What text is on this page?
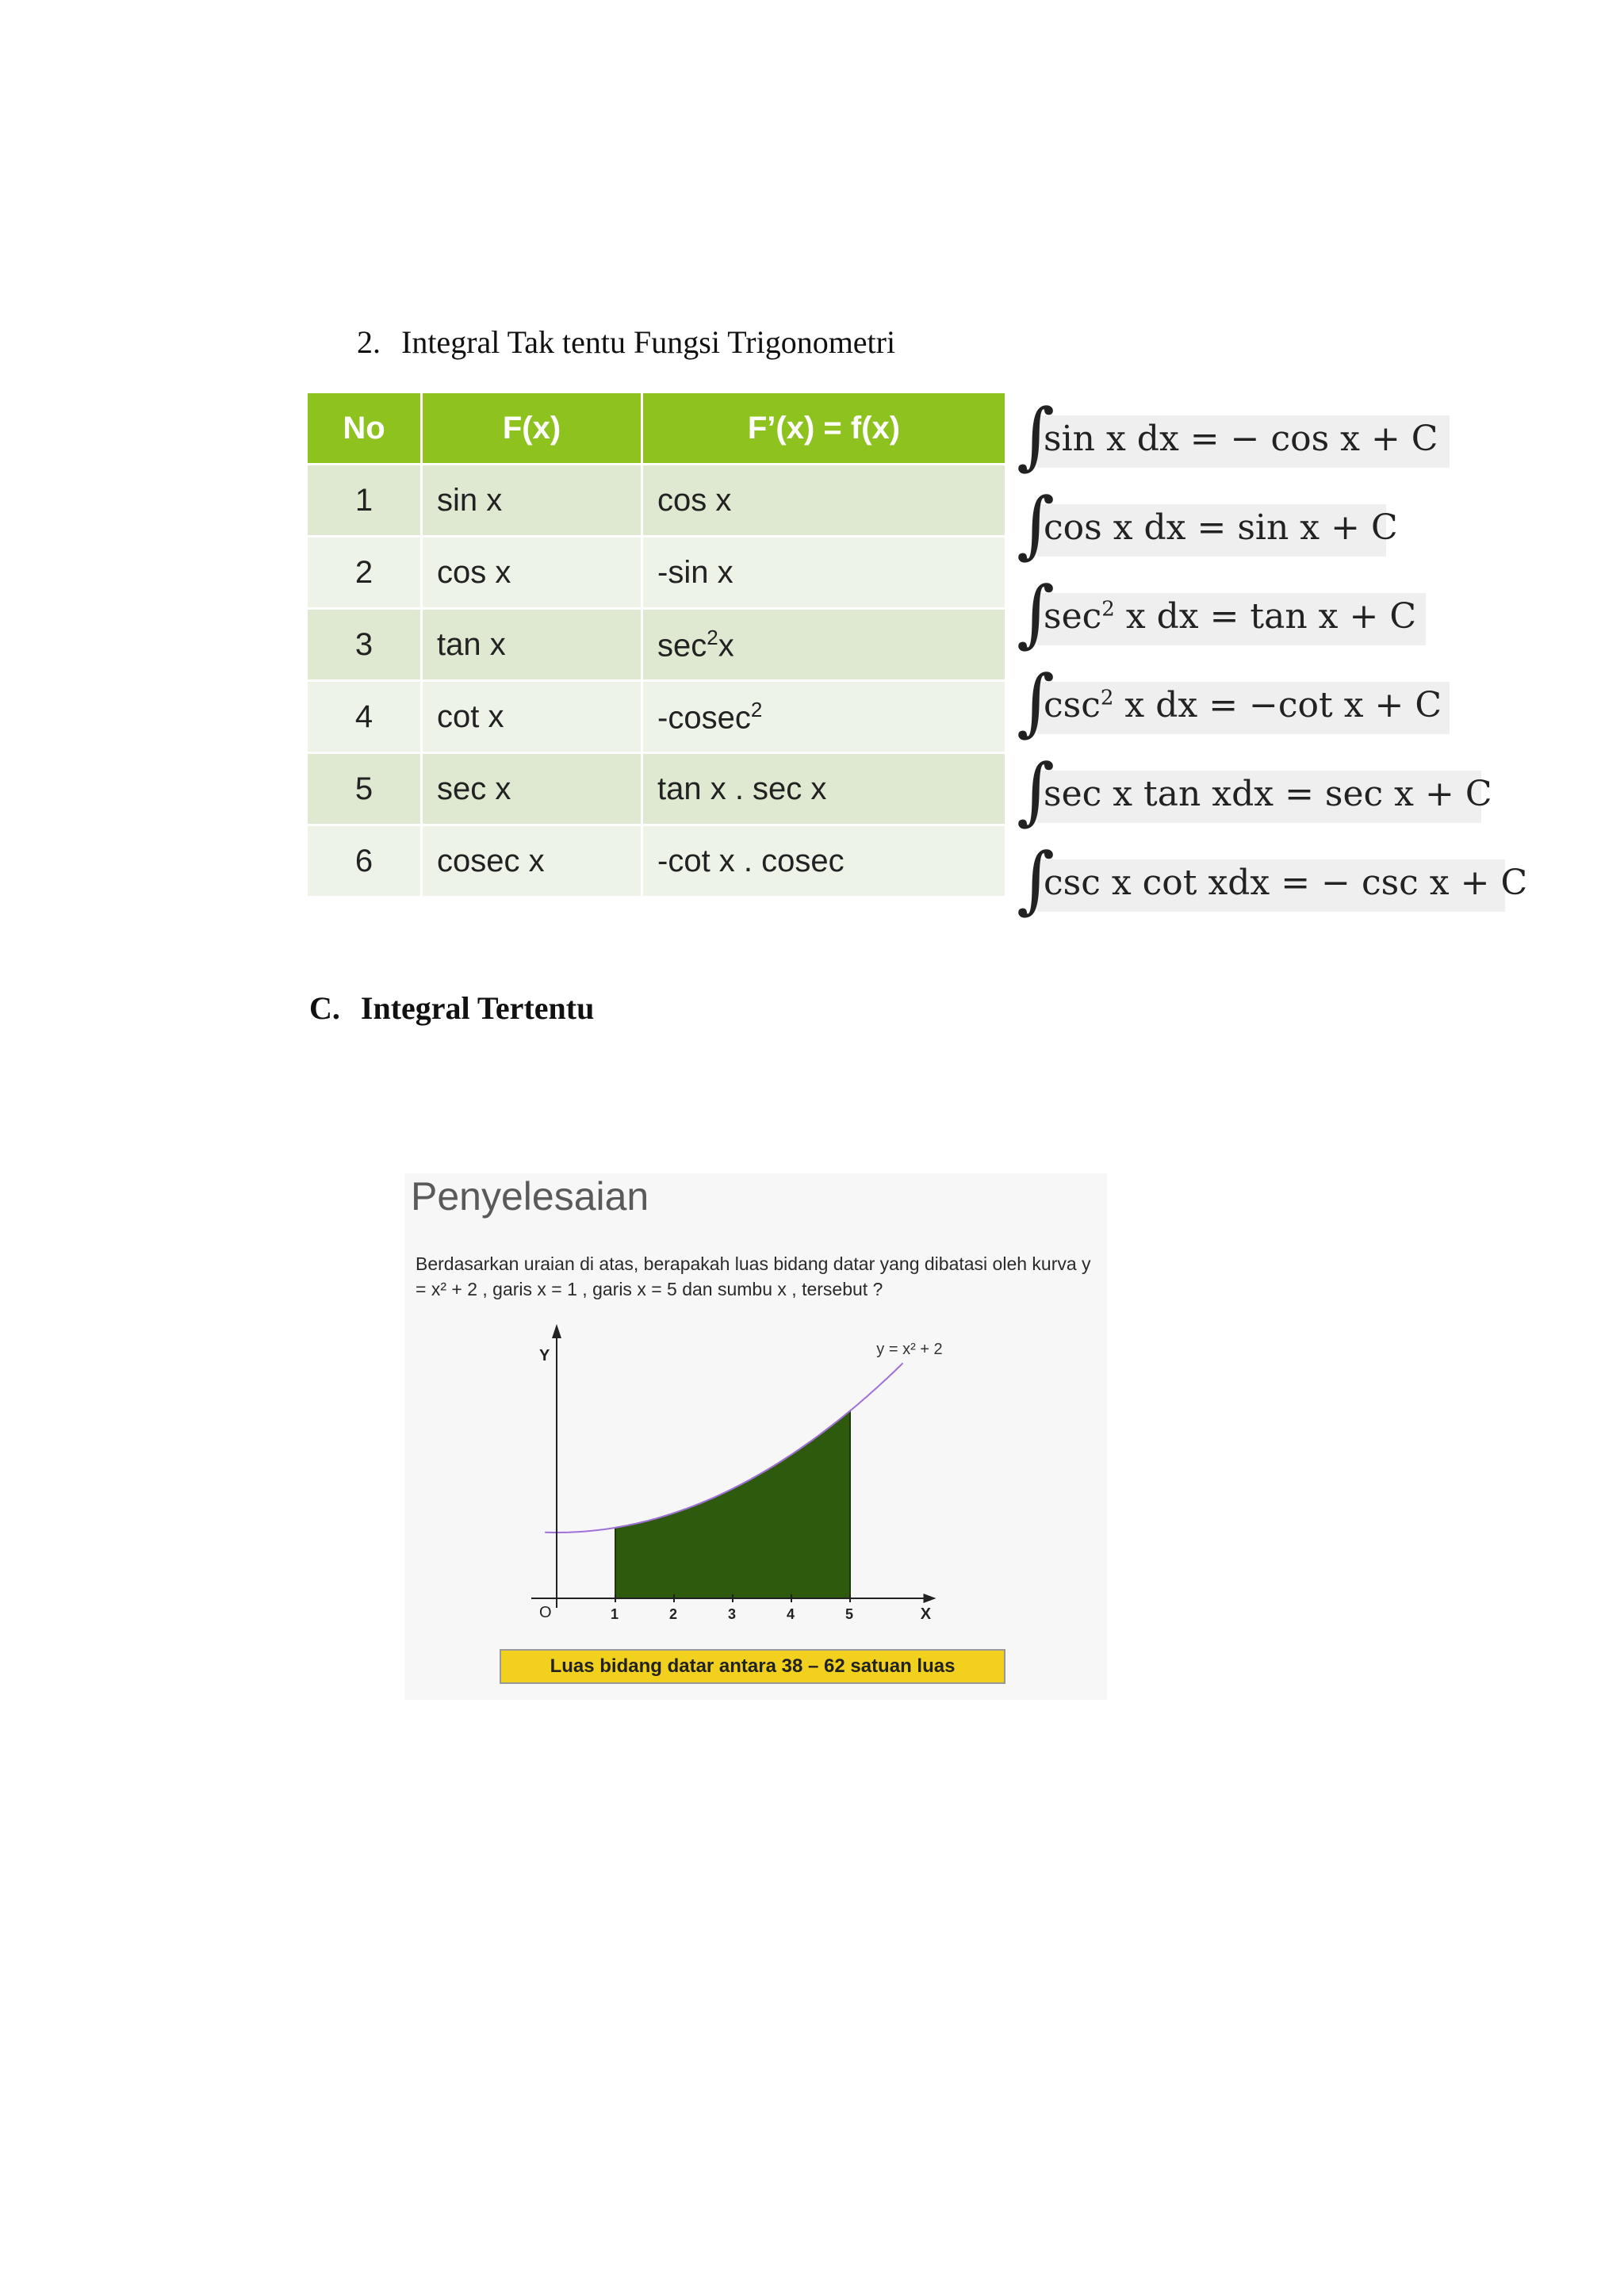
2. Integral Tak tentu Fungsi Trigonometri
No	F(x)	F’(x) = f(x)
1	sin x	cos x
2	cos x	-sin x
3	tan x	$\sec^2x$
4	cot x	-cosec$^2$
5	sec x	tan x . sec x
6	cosec x	-cot x . cosec
∫
sin x dx = − cos x + C
∫
cos x dx = sin x + C
∫
$\sec^2 x$ dx = tan x + C
∫
$\csc^2 x$ dx = −cot x + C
∫
sec x tan xdx = sec x + C
∫
csc x cot xdx = − csc x + C
C. Integral Tertentu
Penyelesaian
Berdasarkan uraian di atas, berapakah luas bidang datar yang dibatasi oleh kurva y = x² + 2 , garis x = 1 , garis x = 5 dan sumbu x , tersebut ?
Y
X
O
y = x² + 2
1	2	3	4	5
Luas bidang datar antara 38 – 62 satuan luas
